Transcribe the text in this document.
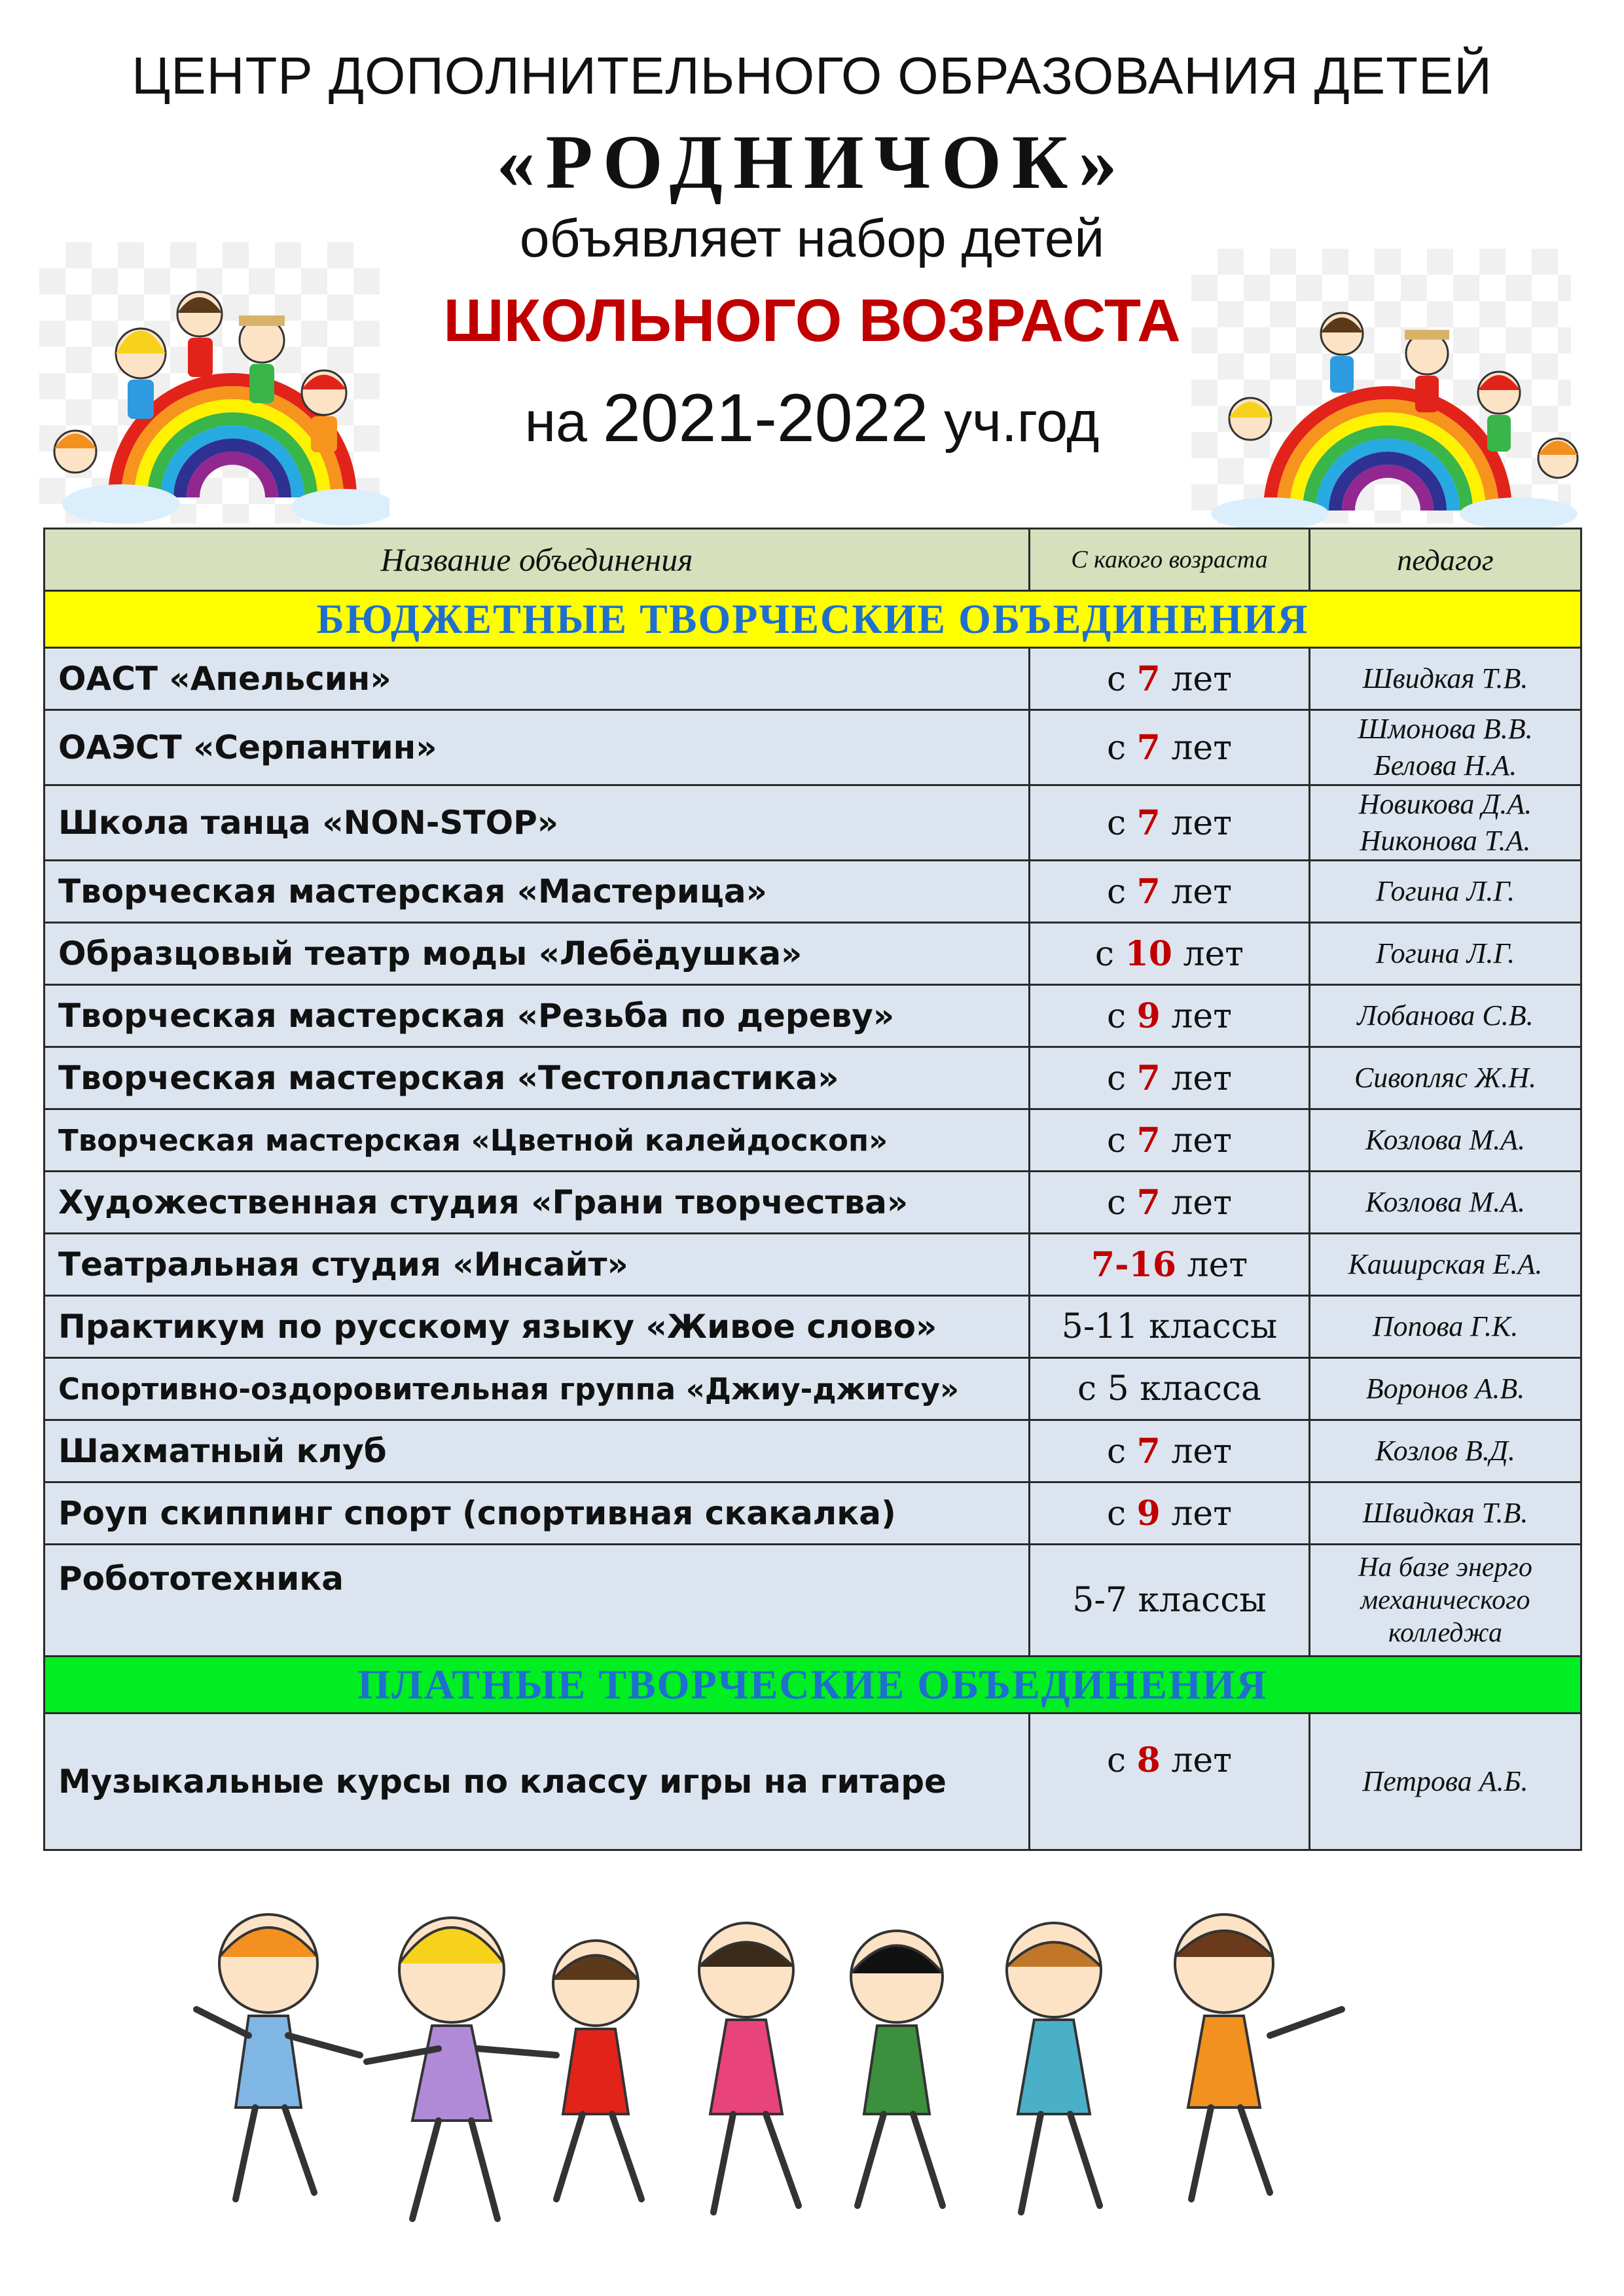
ЦЕНТР ДОПОЛНИТЕЛЬНОГО ОБРАЗОВАНИЯ ДЕТЕЙ
«РОДНИЧОК»
объявляет набор детей
ШКОЛЬНОГО ВОЗРАСТА
на 2021-2022 уч.год
Название объединения	С какого возраста	педагог
БЮДЖЕТНЫЕ ТВОРЧЕСКИЕ ОБЪЕДИНЕНИЯ		
ОАСТ «Апельсин»	с 7 лет	Швидкая Т.В.

ОАЭСТ «Серпантин»	с 7 лет	Шмонова В.В.
Белова Н.А.

Школа танца «NON-STOP»	с 7 лет	Новикова Д.А.
Никонова Т.А.

Творческая мастерская «Мастерица»	с 7 лет	Гогина Л.Г.

Образцовый театр моды «Лебёдушка»	с 10 лет	Гогина Л.Г.

Творческая мастерская «Резьба по дереву»	с 9 лет	Лобанова С.В.

Творческая мастерская «Тестопластика»	с 7 лет	Сивопляс Ж.Н.

Творческая мастерская «Цветной калейдоскоп»	с 7 лет	Козлова М.А.

Художественная студия «Грани творчества»	с 7 лет	Козлова М.А.

Театральная студия «Инсайт»	7-16 лет	Каширская Е.А.

Практикум по русскому языку «Живое слово»	5-11 классы	Попова Г.К.

Спортивно-оздоровительная группа «Джиу-джитсу»	с 5 класса	Воронов А.В.

Шахматный клуб	с 7 лет	Козлов В.Д.

Роуп скиппинг спорт (спортивная скакалка)	с 9 лет	Швидкая Т.В.

Робототехника	5-7 классы	На базе энерго
механического
колледжа

ПЛАТНЫЕ ТВОРЧЕСКИЕ ОБЪЕДИНЕНИЯ		
Музыкальные курсы по классу игры на гитаре	с 8 лет	Петрова А.Б.
